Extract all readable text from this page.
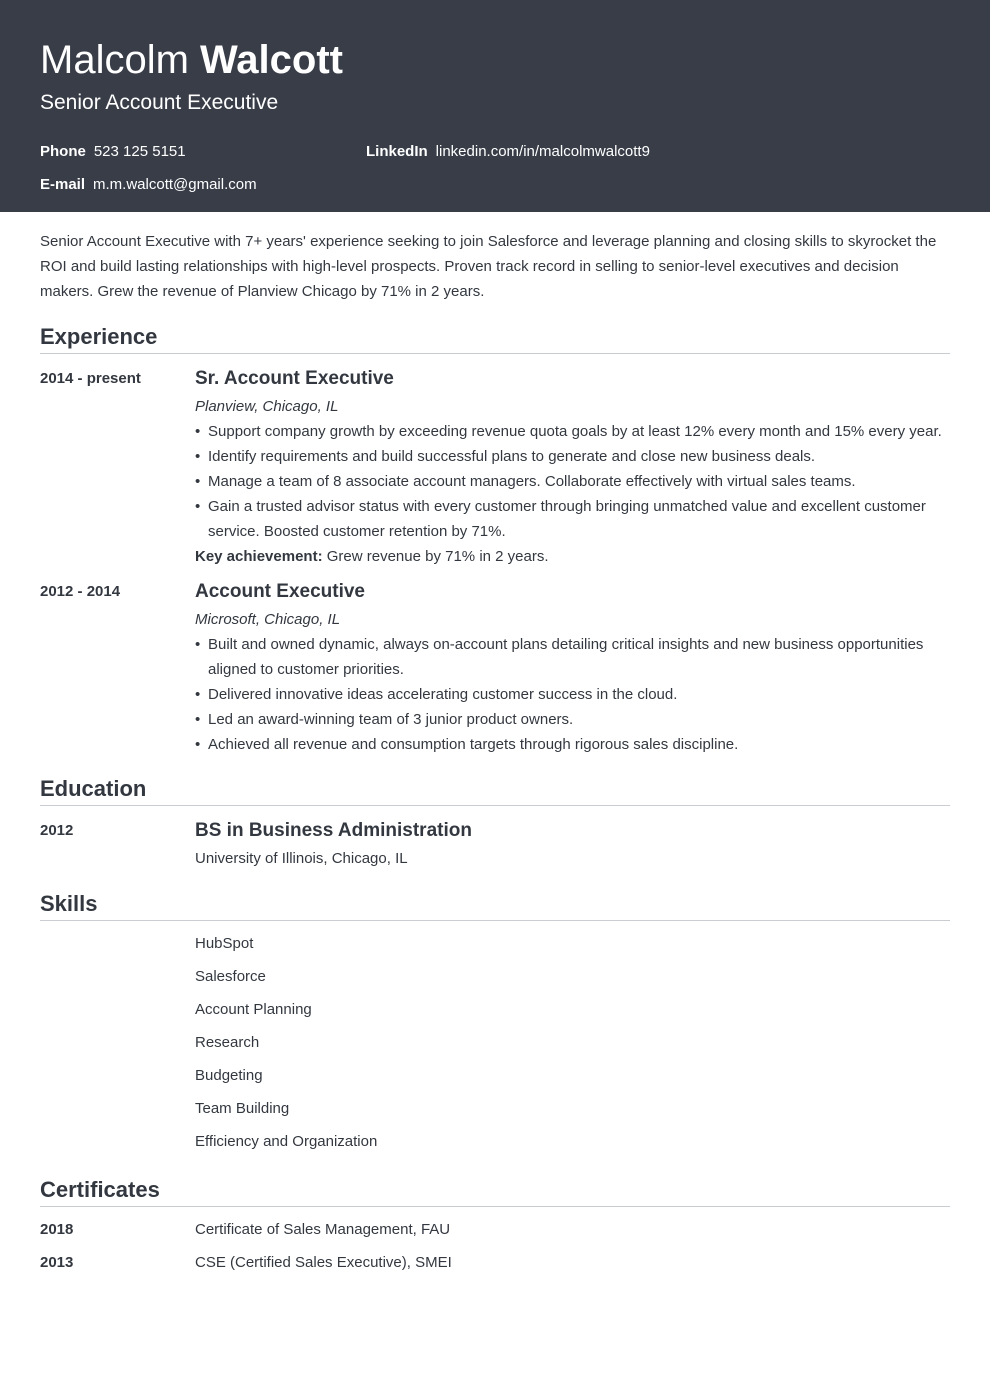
Malcolm Walcott
Senior Account Executive
Phone 523 125 5151	LinkedIn linkedin.com/in/malcolmwalcott9
E-mail m.m.walcott@gmail.com

Senior Account Executive with 7+ years' experience seeking to join Salesforce and leverage planning and closing skills to skyrocket the ROI and build lasting relationships with high-level prospects. Proven track record in selling to senior-level executives and decision makers. Grew the revenue of Planview Chicago by 71% in 2 years.

Experience
2014 - present	Sr. Account Executive
Planview, Chicago, IL
• Support company growth by exceeding revenue quota goals by at least 12% every month and 15% every year.
• Identify requirements and build successful plans to generate and close new business deals.
• Manage a team of 8 associate account managers. Collaborate effectively with virtual sales teams.
• Gain a trusted advisor status with every customer through bringing unmatched value and excellent customer service. Boosted customer retention by 71%.
Key achievement: Grew revenue by 71% in 2 years.
2012 - 2014	Account Executive
Microsoft, Chicago, IL
• Built and owned dynamic, always on-account plans detailing critical insights and new business opportunities aligned to customer priorities.
• Delivered innovative ideas accelerating customer success in the cloud.
• Led an award-winning team of 3 junior product owners.
• Achieved all revenue and consumption targets through rigorous sales discipline.
Education
2012	BS in Business Administration
University of Illinois, Chicago, IL
Skills
HubSpot
Salesforce
Account Planning
Research
Budgeting
Team Building
Efficiency and Organization
Certificates
2018	Certificate of Sales Management, FAU
2013	CSE (Certified Sales Executive), SMEI
